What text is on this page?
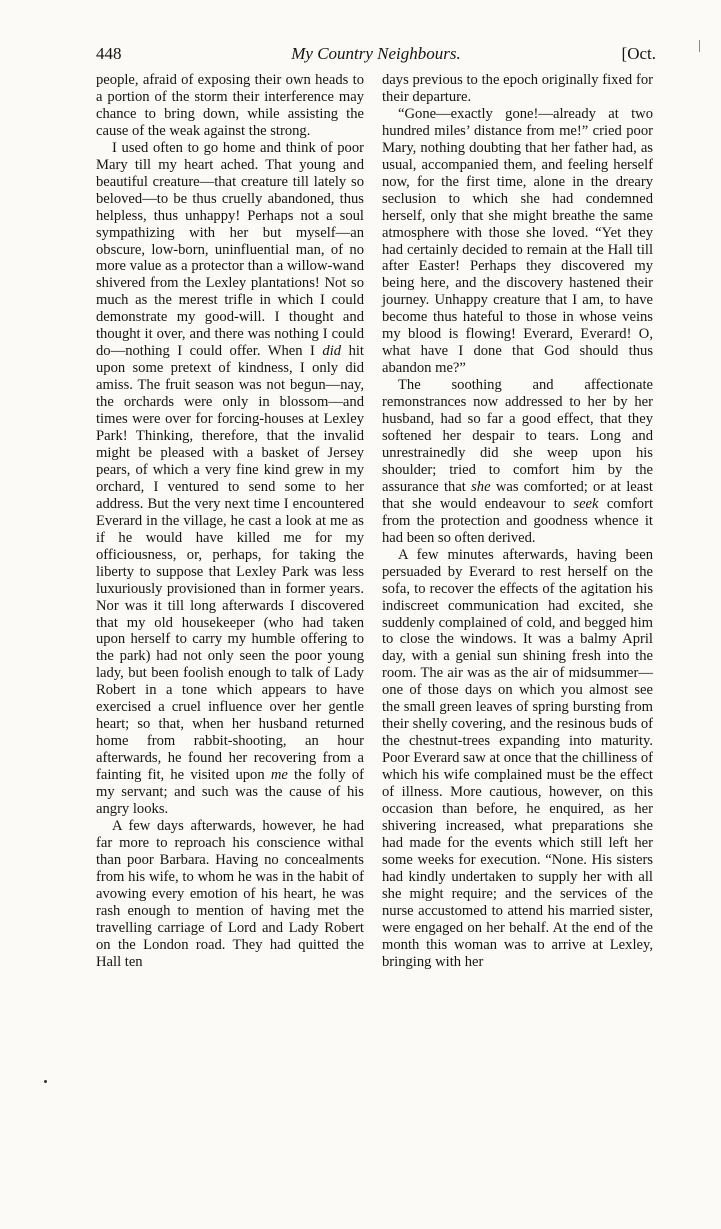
448	My Country Neighbours.	[Oct.

people, afraid of exposing their own heads to a portion of the storm their interference may chance to bring down, while assisting the cause of the weak against the strong.

I used often to go home and think of poor Mary till my heart ached. That young and beautiful creature—that creature till lately so beloved—to be thus cruelly abandoned, thus helpless, thus unhappy! Perhaps not a soul sympathizing with her but myself—an obscure, low-born, uninfluential man, of no more value as a protector than a willow-wand shivered from the Lexley plantations! Not so much as the merest trifle in which I could demonstrate my good-will. I thought and thought it over, and there was nothing I could do—nothing I could offer. When I did hit upon some pretext of kindness, I only did amiss. The fruit season was not begun—nay, the orchards were only in blossom—and times were over for forcing-houses at Lexley Park! Thinking, therefore, that the invalid might be pleased with a basket of Jersey pears, of which a very fine kind grew in my orchard, I ventured to send some to her address. But the very next time I encountered Everard in the village, he cast a look at me as if he would have killed me for my officiousness, or, perhaps, for taking the liberty to suppose that Lexley Park was less luxuriously provisioned than in former years. Nor was it till long afterwards I discovered that my old housekeeper (who had taken upon herself to carry my humble offering to the park) had not only seen the poor young lady, but been foolish enough to talk of Lady Robert in a tone which appears to have exercised a cruel influence over her gentle heart; so that, when her husband returned home from rabbit-shooting, an hour afterwards, he found her recovering from a fainting fit, he visited upon me the folly of my servant; and such was the cause of his angry looks.

A few days afterwards, however, he had far more to reproach his conscience withal than poor Barbara. Having no concealments from his wife, to whom he was in the habit of avowing every emotion of his heart, he was rash enough to mention of having met the travelling carriage of Lord and Lady Robert on the London road. They had quitted the Hall ten

days previous to the epoch originally fixed for their departure.

“Gone—exactly gone!—already at two hundred miles’ distance from me!” cried poor Mary, nothing doubting that her father had, as usual, accompanied them, and feeling herself now, for the first time, alone in the dreary seclusion to which she had condemned herself, only that she might breathe the same atmosphere with those she loved. “Yet they had certainly decided to remain at the Hall till after Easter! Perhaps they discovered my being here, and the discovery hastened their journey. Unhappy creature that I am, to have become thus hateful to those in whose veins my blood is flowing! Everard, Everard! O, what have I done that God should thus abandon me?”

The soothing and affectionate remonstrances now addressed to her by her husband, had so far a good effect, that they softened her despair to tears. Long and unrestrainedly did she weep upon his shoulder; tried to comfort him by the assurance that she was comforted; or at least that she would endeavour to seek comfort from the protection and goodness whence it had been so often derived.

A few minutes afterwards, having been persuaded by Everard to rest herself on the sofa, to recover the effects of the agitation his indiscreet communication had excited, she suddenly complained of cold, and begged him to close the windows. It was a balmy April day, with a genial sun shining fresh into the room. The air was as the air of midsummer—one of those days on which you almost see the small green leaves of spring bursting from their shelly covering, and the resinous buds of the chestnut-trees expanding into maturity. Poor Everard saw at once that the chilliness of which his wife complained must be the effect of illness. More cautious, however, on this occasion than before, he enquired, as her shivering increased, what preparations she had made for the events which still left her some weeks for execution. “None. His sisters had kindly undertaken to supply her with all she might require; and the services of the nurse accustomed to attend his married sister, were engaged on her behalf. At the end of the month this woman was to arrive at Lexley, bringing with her
